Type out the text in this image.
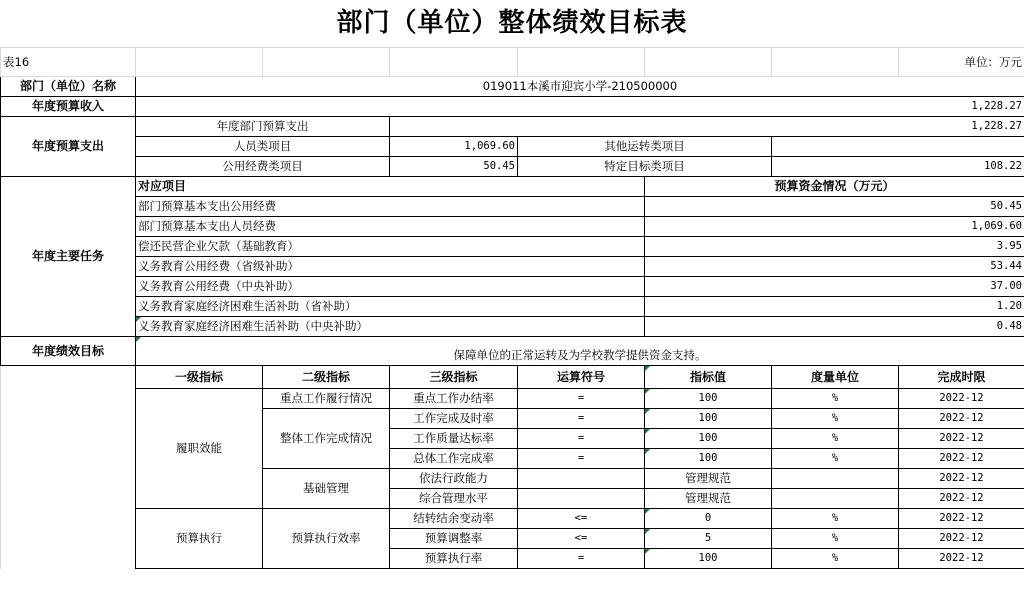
部门（单位）整体绩效目标表
表16							单位：万元
部门（单位）名称	019011本溪市迎宾小学-210500000						
年度预算收入	1,228.27						
年度预算支出	年度部门预算支出		1,228.27				
	人员类项目		1,069.60	其他运转类项目			
	公用经费类项目		50.45	特定目标类项目		108.22	
年度主要任务	对应项目				预算资金情况（万元）		
	部门预算基本支出公用经费				50.45		
	部门预算基本支出人员经费				1,069.60		
	偿还民营企业欠款（基础教育）				3.95		
	义务教育公用经费（省级补助）				53.44		
	义务教育公用经费（中央补助）				37.00		
	义务教育家庭经济困难生活补助（省补助）				1.20		
	义务教育家庭经济困难生活补助（中央补助）				0.48		
年度绩效目标	保障单位的正常运转及为学校教学提供资金支持。						
	一级指标	二级指标	三级指标	运算符号	指标值	度量单位	完成时限
	履职效能	重点工作履行情况	重点工作办结率	=	100	%	2022-12
		整体工作完成情况	工作完成及时率	=	100	%	2022-12
			工作质量达标率	=	100	%	2022-12
			总体工作完成率	=	100	%	2022-12
		基础管理	依法行政能力		管理规范		2022-12
			综合管理水平		管理规范		2022-12
	预算执行	预算执行效率	结转结余变动率	<=	0	%	2022-12
			预算调整率	<=	5	%	2022-12
			预算执行率	=	100	%	2022-12
